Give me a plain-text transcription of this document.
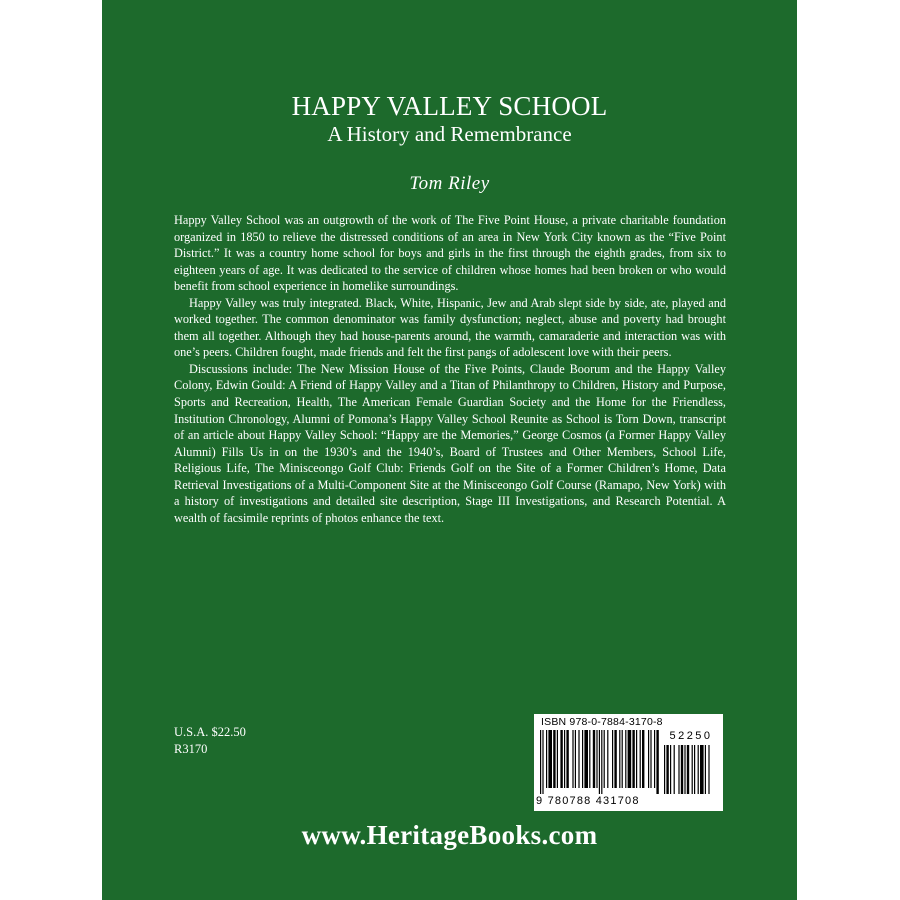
HAPPY VALLEY SCHOOL
A History and Remembrance
Tom Riley

Happy Valley School was an outgrowth of the work of The Five Point House, a private charitable foundation organized in 1850 to relieve the distressed conditions of an area in New York City known as the “Five Point District.” It was a country home school for boys and girls in the first through the eighth grades, from six to eighteen years of age. It was dedicated to the service of children whose homes had been broken or who would benefit from school experience in homelike surroundings.

Happy Valley was truly integrated. Black, White, Hispanic, Jew and Arab slept side by side, ate, played and worked together. The common denominator was family dysfunction; neglect, abuse and poverty had brought them all together. Although they had house-parents around, the warmth, camaraderie and interaction was with one’s peers. Children fought, made friends and felt the first pangs of adolescent love with their peers.

Discussions include: The New Mission House of the Five Points, Claude Boorum and the Happy Valley Colony, Edwin Gould: A Friend of Happy Valley and a Titan of Philanthropy to Children, History and Purpose, Sports and Recreation, Health, The American Female Guardian Society and the Home for the Friendless, Institution Chronology, Alumni of Pomona’s Happy Valley School Reunite as School is Torn Down, transcript of an article about Happy Valley School: “Happy are the Memories,” George Cosmos (a Former Happy Valley Alumni) Fills Us in on the 1930’s and the 1940’s, Board of Trustees and Other Members, School Life, Religious Life, The Minisceongo Golf Club: Friends Golf on the Site of a Former Children’s Home, Data Retrieval Investigations of a Multi-Component Site at the Minisceongo Golf Course (Ramapo, New York) with a history of investigations and detailed site description, Stage III Investigations, and Research Potential. A wealth of facsimile reprints of photos enhance the text.

U.S.A. $22.50
R3170
ISBN 978-0-7884-3170-8
52250
9 780788 431708
www.HeritageBooks.com
